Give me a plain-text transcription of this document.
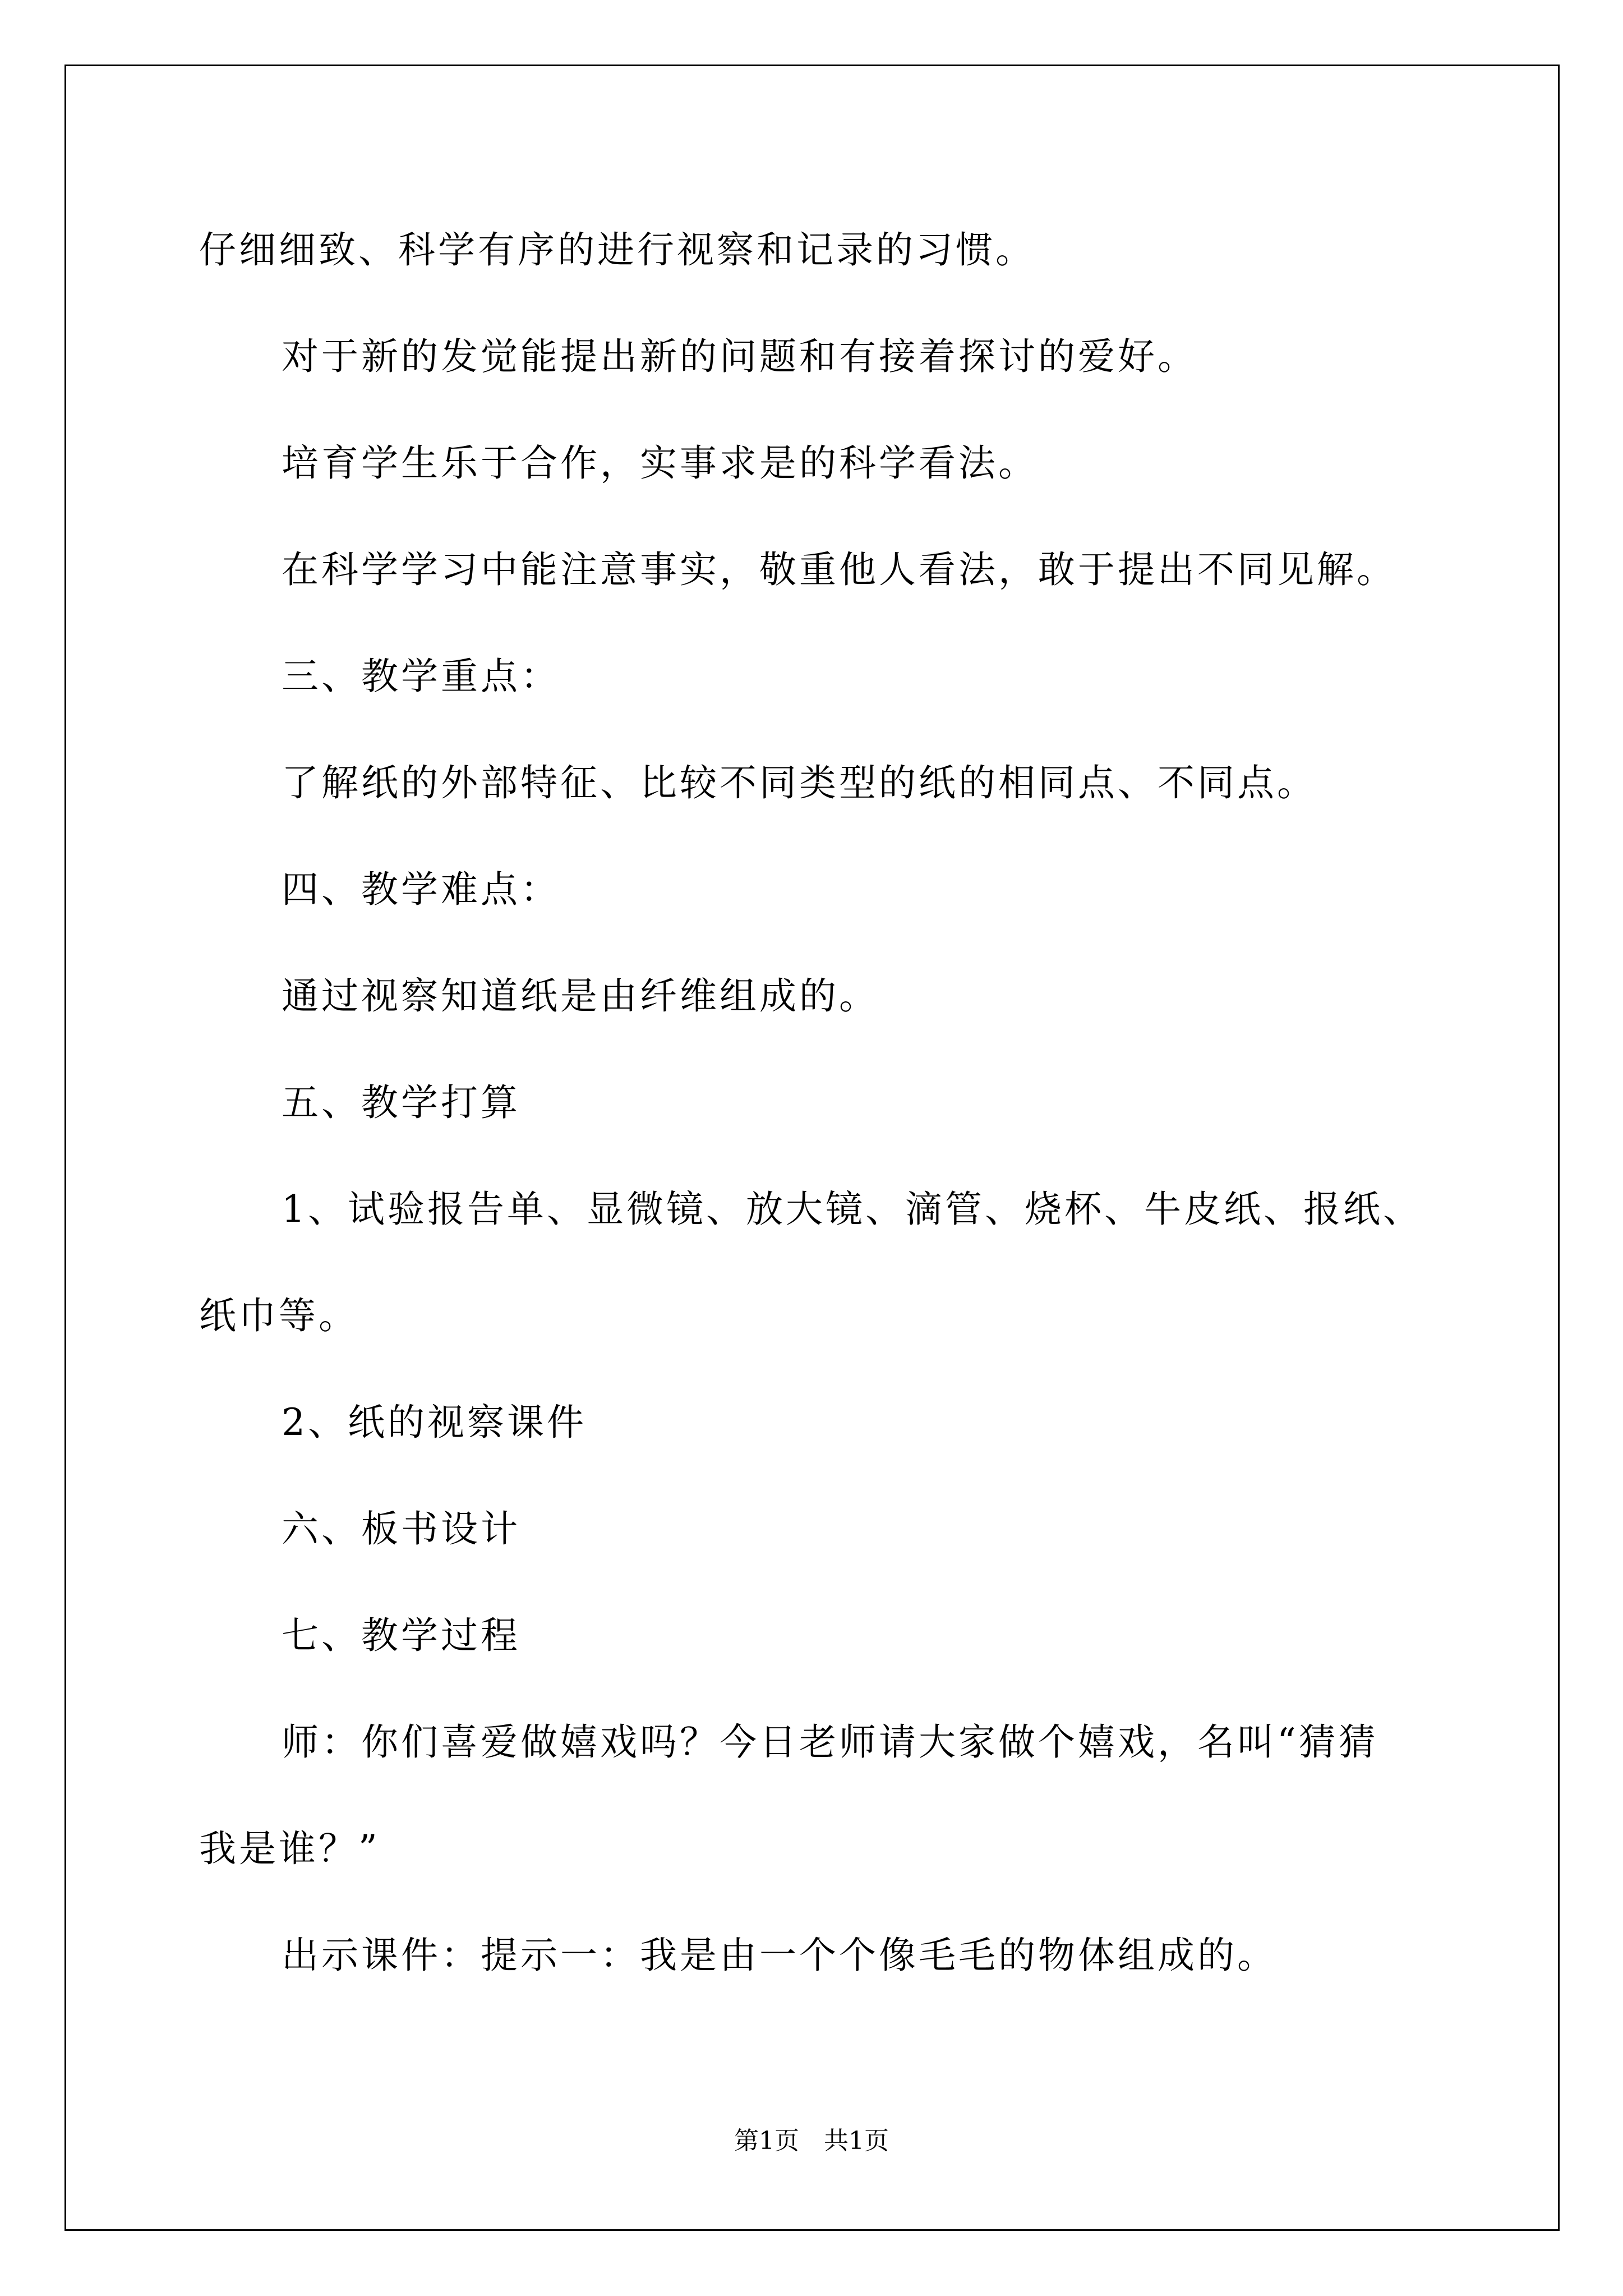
仔细细致、科学有序的进行视察和记录的习惯。
对于新的发觉能提出新的问题和有接着探讨的爱好。
培育学生乐于合作，实事求是的科学看法。
在科学学习中能注意事实，敬重他人看法，敢于提出不同见解。
三、教学重点：
了解纸的外部特征、比较不同类型的纸的相同点、不同点。
四、教学难点：
通过视察知道纸是由纤维组成的。
五、教学打算
1、试验报告单、显微镜、放大镜、滴管、烧杯、牛皮纸、报纸、
纸巾等。
2、纸的视察课件
六、板书设计
七、教学过程
师：你们喜爱做嬉戏吗？今日老师请大家做个嬉戏，名叫“猜猜
我是谁？”
出示课件：提示一：我是由一个个像毛毛的物体组成的。
第1页　共1页
